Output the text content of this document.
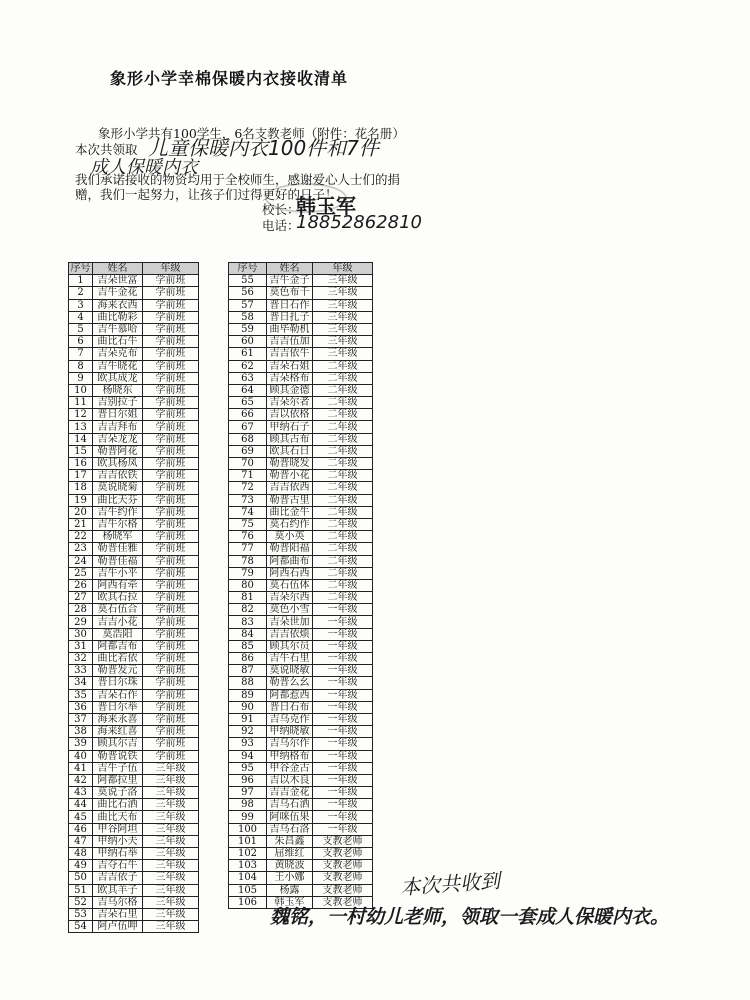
象形小学幸棉保暖内衣接收清单
象形小学共有100学生，6名支教老师（附件：花名册）
本次共领取 儿童保暖内衣100件和7件
成人保暖内衣
我们承诺接收的物资均用于全校师生，感谢爱心人士们的捐
赠，我们一起努力，让孩子们过得更好的日子！
校长：
韩玉军
电话：
18852862810
序号	姓名	年级
1	吉朵世富	学前班
2	吉牛金花	学前班
3	海来衣西	学前班
4	曲比勒彩	学前班
5	吉牛慕哈	学前班
6	曲比石牛	学前班
7	吉朵克布	学前班
8	吉牛晓花	学前班
9	欧其成龙	学前班
10	杨晓东	学前班
11	吉别拉子	学前班
12	普日尔姐	学前班
13	吉吉拜布	学前班
14	吉朵龙龙	学前班
15	勒普阿花	学前班
16	欧其杨凤	学前班
17	吉吉依铁	学前班
18	莫说晓菊	学前班
19	曲比天芬	学前班
20	吉牛约作	学前班
21	吉牛尔格	学前班
22	杨晓军	学前班
23	勒普佳雅	学前班
24	勒普佳福	学前班
25	吉牛小平	学前班
26	阿西有牵	学前班
27	欧其石拉	学前班
28	莫石伍合	学前班
29	吉吉小花	学前班
30	莫浩阳	学前班
31	阿都吉布	学前班
32	曲比若依	学前班
33	勒普发元	学前班
34	普日尔珠	学前班
35	吉朵石作	学前班
36	普日尔举	学前班
37	海来永喜	学前班
38	海来红喜	学前班
39	顾其尔吉	学前班
40	勒普说铁	学前班
41	吉牛子伍	三年级
42	阿都拉里	三年级
43	莫说子洛	三年级
44	曲比石洒	三年级
45	曲比天布	三年级
46	甲谷阿坦	三年级
47	甲纳小夫	三年级
48	甲纳石举	三年级
49	吉夺石牛	三年级
50	吉吉依子	三年级
51	欧其羊子	三年级
52	吉乌尔格	三年级
53	吉朵石里	三年级
54	阿卢伍呷	三年级
序号	姓名	年级
55	吉牛金子	三年级
56	莫色布千	三年级
57	普日石作	三年级
58	普日扎子	三年级
59	曲毕勒机	三年级
60	吉吉伍加	三年级
61	吉吉依牛	三年级
62	吉朵石姐	二年级
63	吉朵格布	二年级
64	顾其金德	二年级
65	吉朵尔者	二年级
66	吉以依格	二年级
67	甲纳石子	二年级
68	顾其古布	二年级
69	欧其石日	二年级
70	勒普晓发	二年级
71	勒普小花	二年级
72	吉吉依西	二年级
73	勒普古里	二年级
74	曲比金牛	二年级
75	莫石约作	二年级
76	莫小英	二年级
77	勒普阳福	二年级
78	阿都曲布	二年级
79	阿西石西	二年级
80	莫石伍体	二年级
81	吉朵尔西	二年级
82	莫色小雪	一年级
83	吉朵世加	一年级
84	吉吉依烦	一年级
85	顾其尔员	一年级
86	吉牛石里	一年级
87	莫说晓敏	一年级
88	勒普么幺	一年级
89	阿都惹西	一年级
90	普日石布	一年级
91	吉乌克作	一年级
92	甲纳晓敏	一年级
93	吉乌尔作	一年级
94	甲纳格布	一年级
95	甲谷金古	一年级
96	吉以木良	一年级
97	吉吉金花	一年级
98	吉乌石洒	一年级
99	阿咪伍果	一年级
100	吉乌石洛	一年级
101	朱昌鑫	支教老师
102	屈维红	支教老师
103	黄晓波	支教老师
104	王小娜	支教老师
105	杨露	支教老师
106	韩玉军	支教老师
本次共收到
魏铭，一村幼儿老师，领取一套成人保暖内衣。
